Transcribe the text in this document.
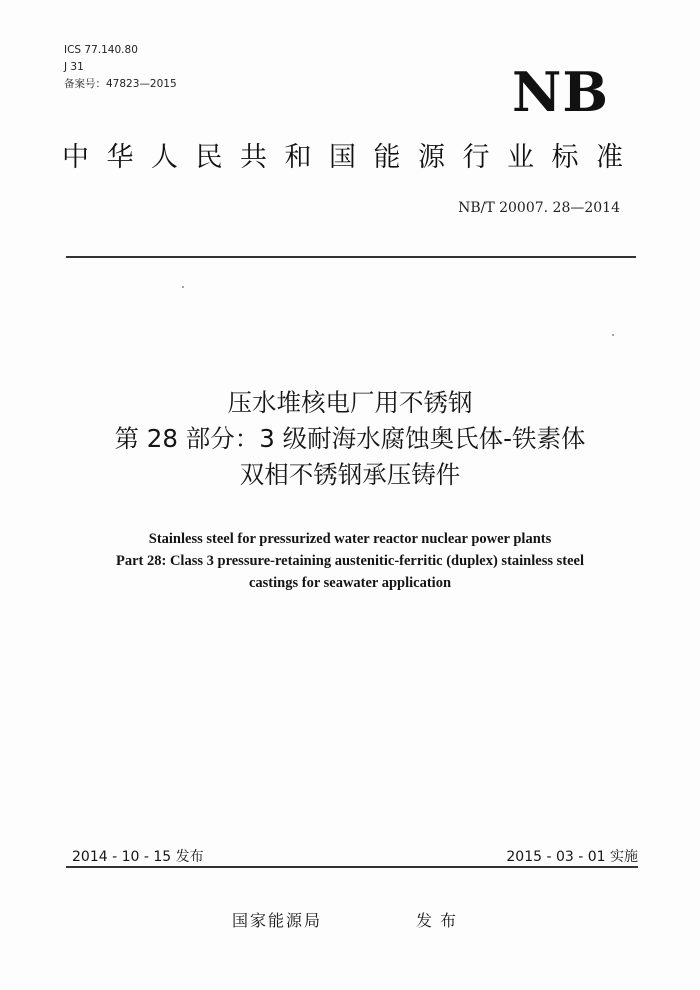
ICS 77.140.80
J 31
备案号：47823—2015	NB
中华人民共和国能源行业标准
NB/T 20007. 28—2014
压水堆核电厂用不锈钢
第 28 部分：3 级耐海水腐蚀奥氏体-铁素体
双相不锈钢承压铸件
Stainless steel for pressurized water reactor nuclear power plants
Part 28: Class 3 pressure-retaining austenitic-ferritic (duplex) stainless steel
castings for seawater application
2014 - 10 - 15 发布	2015 - 03 - 01 实施
国家能源局	发布
